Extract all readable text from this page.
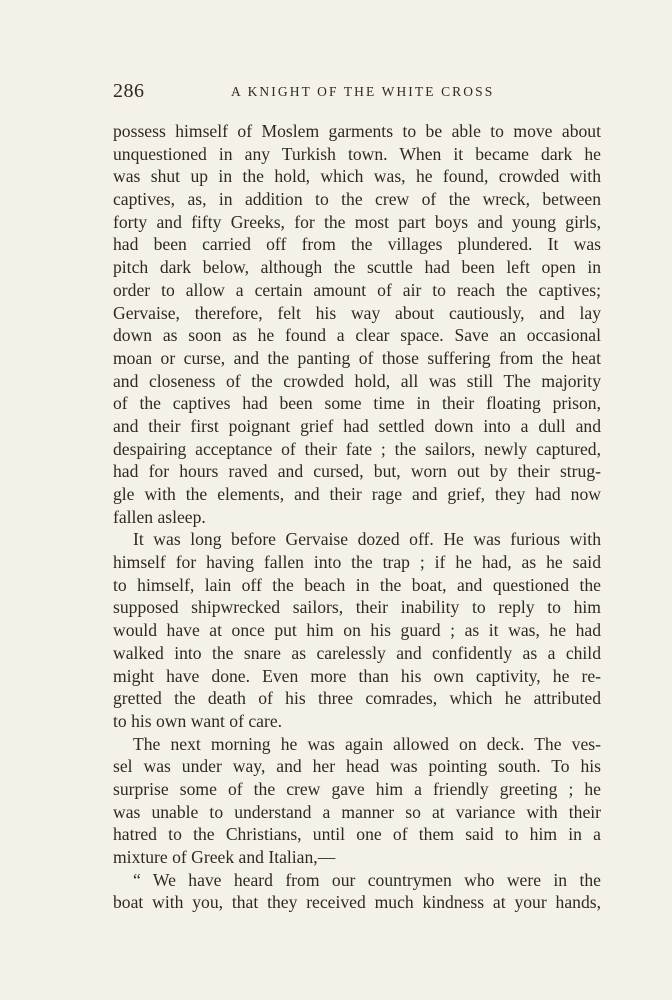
286	A KNIGHT OF THE WHITE CROSS
possess himself of Moslem garments to be able to move about
unquestioned in any Turkish town. When it became dark he
was shut up in the hold, which was, he found, crowded with
captives, as, in addition to the crew of the wreck, between
forty and fifty Greeks, for the most part boys and young girls,
had been carried off from the villages plundered. It was
pitch dark below, although the scuttle had been left open in
order to allow a certain amount of air to reach the captives;
Gervaise, therefore, felt his way about cautiously, and lay
down as soon as he found a clear space. Save an occasional
moan or curse, and the panting of those suffering from the heat
and closeness of the crowded hold, all was still The majority
of the captives had been some time in their floating prison,
and their first poignant grief had settled down into a dull and
despairing acceptance of their fate ; the sailors, newly captured,
had for hours raved and cursed, but, worn out by their strug-
gle with the elements, and their rage and grief, they had now
fallen asleep.
It was long before Gervaise dozed off. He was furious with
himself for having fallen into the trap ; if he had, as he said
to himself, lain off the beach in the boat, and questioned the
supposed shipwrecked sailors, their inability to reply to him
would have at once put him on his guard ; as it was, he had
walked into the snare as carelessly and confidently as a child
might have done. Even more than his own captivity, he re-
gretted the death of his three comrades, which he attributed
to his own want of care.
The next morning he was again allowed on deck. The ves-
sel was under way, and her head was pointing south. To his
surprise some of the crew gave him a friendly greeting ; he
was unable to understand a manner so at variance with their
hatred to the Christians, until one of them said to him in a
mixture of Greek and Italian,—
“ We have heard from our countrymen who were in the
boat with you, that they received much kindness at your hands,
